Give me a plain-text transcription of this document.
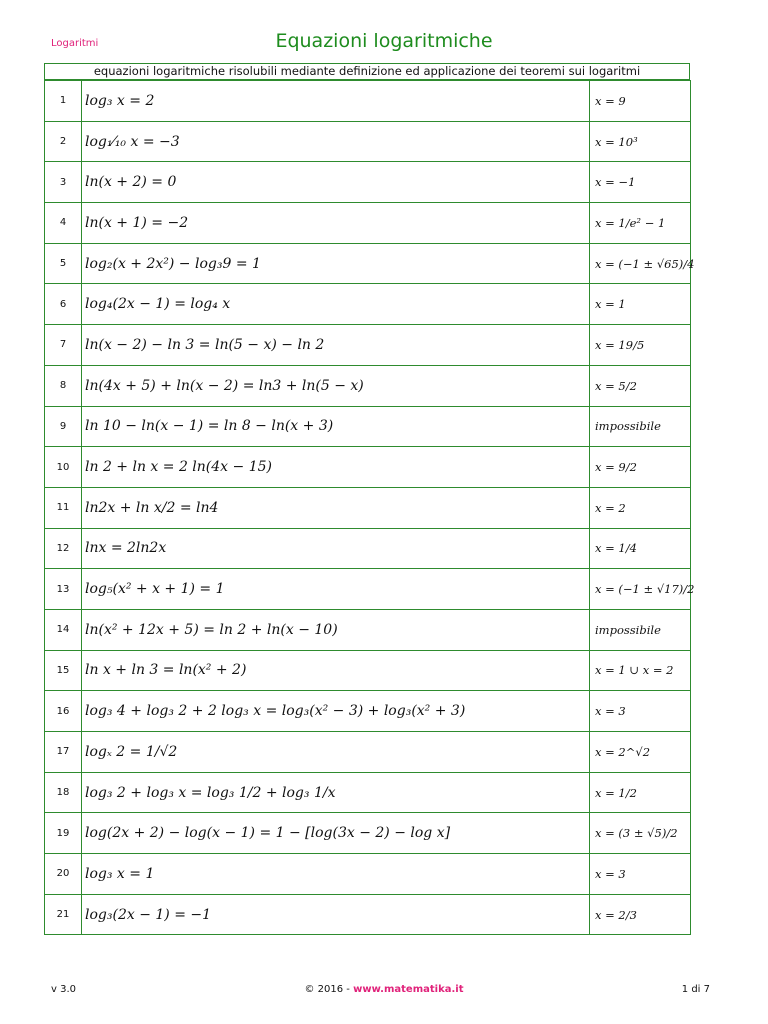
Logaritmi	Equazioni logaritmiche
equazioni logaritmiche risolubili mediante definizione ed applicazione dei teoremi sui logaritmi
1	log₃ x = 2	x = 9
2	log₁⁄₁₀ x = −3	x = 10³
3	ln(x + 2) = 0	x = −1
4	ln(x + 1) = −2	x = 1/e² − 1
5	log₂(x + 2x²) − log₃9 = 1	x = (−1 ± √65)/4
6	log₄(2x − 1) = log₄ x	x = 1
7	ln(x − 2) − ln 3 = ln(5 − x) − ln 2	x = 19/5
8	ln(4x + 5) + ln(x − 2) = ln3 + ln(5 − x)	x = 5/2
9	ln 10 − ln(x − 1) = ln 8 − ln(x + 3)	impossibile
10	ln 2 + ln x = 2 ln(4x − 15)	x = 9/2
11	ln2x + ln x/2 = ln4	x = 2
12	lnx = 2ln2x	x = 1/4
13	log₅(x² + x + 1) = 1	x = (−1 ± √17)/2
14	ln(x² + 12x + 5) = ln 2 + ln(x − 10)	impossibile
15	ln x + ln 3 = ln(x² + 2)	x = 1 ∪ x = 2
16	log₃ 4 + log₃ 2 + 2 log₃ x = log₃(x² − 3) + log₃(x² + 3)	x = 3
17	logₓ 2 = 1/√2	x = 2^√2
18	log₃ 2 + log₃ x = log₃ 1/2 + log₃ 1/x	x = 1/2
19	log(2x + 2) − log(x − 1) = 1 − [log(3x − 2) − log x]	x = (3 ± √5)/2
20	log₃ x = 1	x = 3
21	log₃(2x − 1) = −1	x = 2/3
v 3.0	© 2016 - www.matematika.it	1 di 7
